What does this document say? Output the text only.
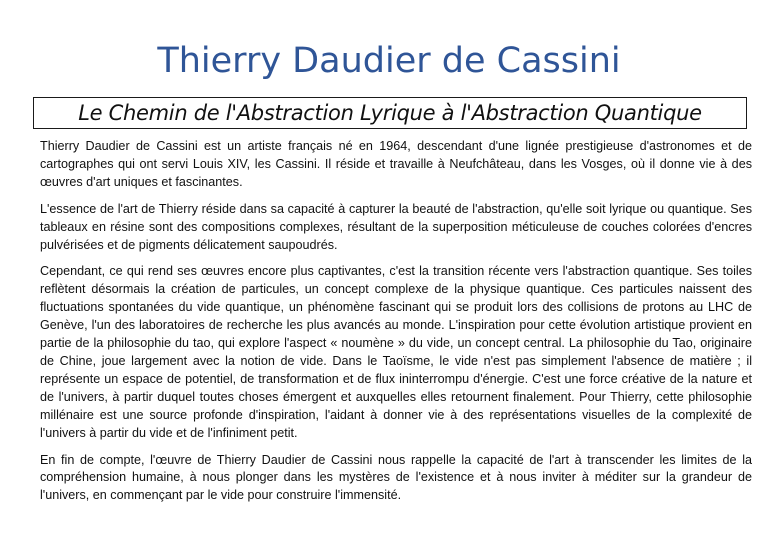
Thierry Daudier de Cassini
Le Chemin de l'Abstraction Lyrique à l'Abstraction Quantique

Thierry Daudier de Cassini est un artiste français né en 1964, descendant d'une lignée prestigieuse d'astronomes et de cartographes qui ont servi Louis XIV, les Cassini. Il réside et travaille à Neufchâteau, dans les Vosges, où il donne vie à des œuvres d'art uniques et fascinantes.

L'essence de l'art de Thierry réside dans sa capacité à capturer la beauté de l'abstraction, qu'elle soit lyrique ou quantique. Ses tableaux en résine sont des compositions complexes, résultant de la superposition méticuleuse de couches colorées d'encres pulvérisées et de pigments délicatement saupoudrés.

Cependant, ce qui rend ses œuvres encore plus captivantes, c'est la transition récente vers l'abstraction quantique. Ses toiles reflètent désormais la création de particules, un concept complexe de la physique quantique. Ces particules naissent des fluctuations spontanées du vide quantique, un phénomène fascinant qui se produit lors des collisions de protons au LHC de Genève, l'un des laboratoires de recherche les plus avancés au monde. L'inspiration pour cette évolution artistique provient en partie de la philosophie du tao, qui explore l'aspect « noumène » du vide, un concept central. La philosophie du Tao, originaire de Chine, joue largement avec la notion de vide. Dans le Taoïsme, le vide n'est pas simplement l'absence de matière ; il représente un espace de potentiel, de transformation et de flux ininterrompu d'énergie. C'est une force créative de la nature et de l'univers, à partir duquel toutes choses émergent et auxquelles elles retournent finalement. Pour Thierry, cette philosophie millénaire est une source profonde d'inspiration, l'aidant à donner vie à des représentations visuelles de la complexité de l'univers à partir du vide et de l'infiniment petit.

En fin de compte, l'œuvre de Thierry Daudier de Cassini nous rappelle la capacité de l'art à transcender les limites de la compréhension humaine, à nous plonger dans les mystères de l'existence et à nous inviter à méditer sur la grandeur de l'univers, en commençant par le vide pour construire l'immensité.
